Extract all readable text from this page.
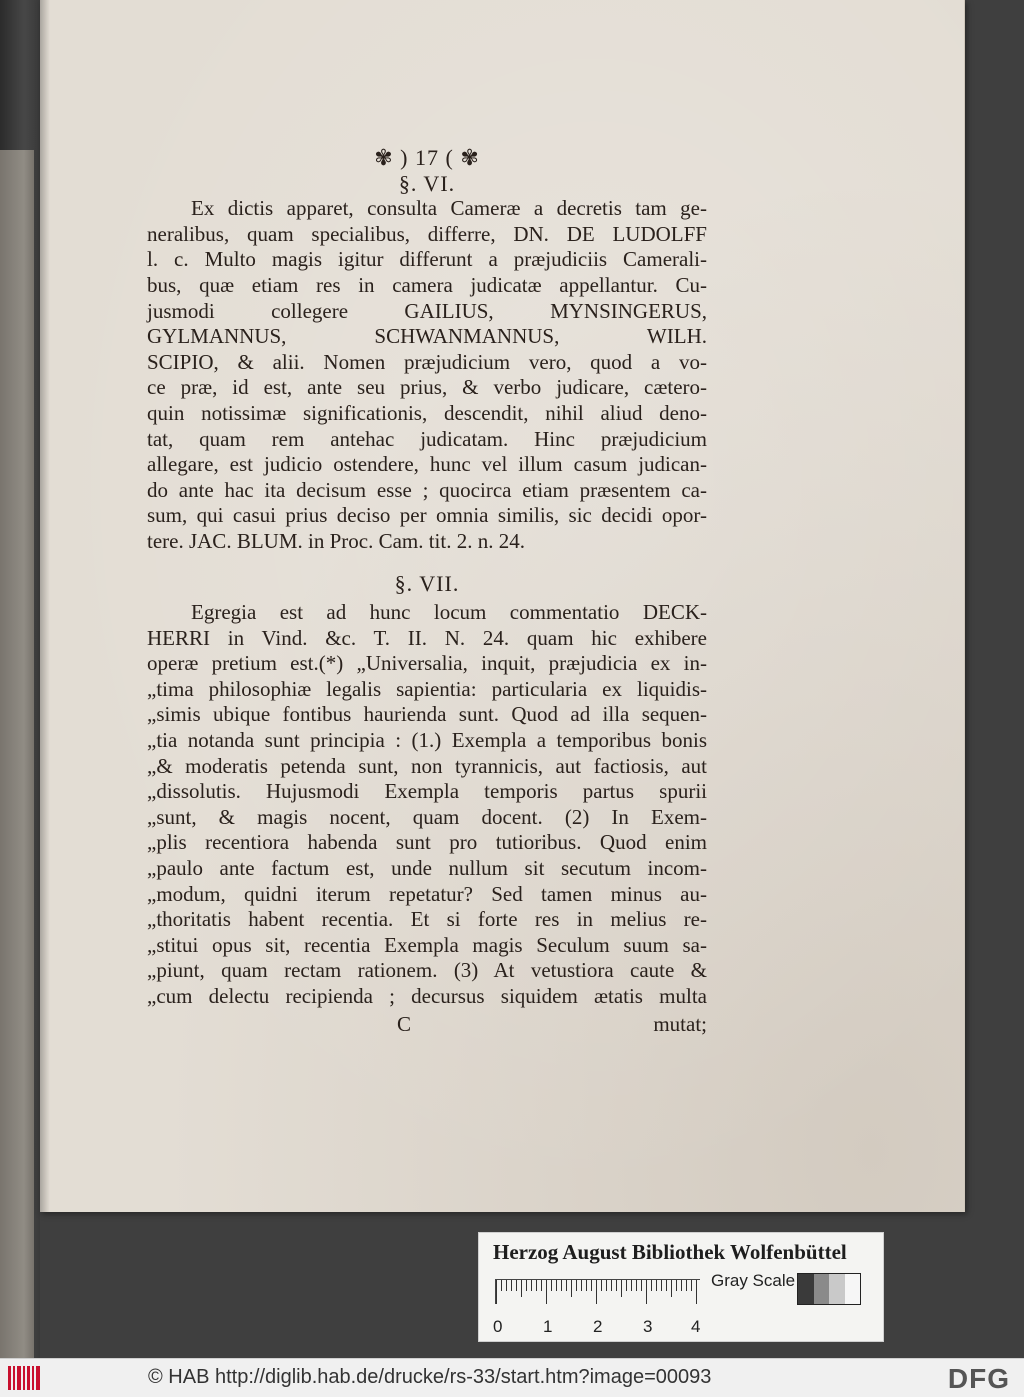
✾ ) 17 ( ✾
§. VI.
Ex dictis apparet, consulta Cameræ a decretis tam ge-
neralibus, quam specialibus, differre, DN. DE LUDOLFF
l. c. Multo magis igitur differunt a præjudiciis Camerali-
bus, quæ etiam res in camera judicatæ appellantur. Cu-
jusmodi collegere GAILIUS, MYNSINGERUS,
GYLMANNUS, SCHWANMANNUS, WILH.
SCIPIO, & alii. Nomen præjudicium vero, quod a vo-
ce præ, id est, ante seu prius, & verbo judicare, cætero-
quin notissimæ significationis, descendit, nihil aliud deno-
tat, quam rem antehac judicatam. Hinc præjudicium
allegare, est judicio ostendere, hunc vel illum casum judican-
do ante hac ita decisum esse ; quocirca etiam præsentem ca-
sum, qui casui prius deciso per omnia similis, sic decidi opor-
tere. JAC. BLUM. in Proc. Cam. tit. 2. n. 24.
§. VII.
Egregia est ad hunc locum commentatio DECK-
HERRI in Vind. &c. T. II. N. 24. quam hic exhibere
operæ pretium est.(*) „Universalia, inquit, præjudicia ex in-
„tima philosophiæ legalis sapientia: particularia ex liquidis-
„simis ubique fontibus haurienda sunt. Quod ad illa sequen-
„tia notanda sunt principia : (1.) Exempla a temporibus bonis
„& moderatis petenda sunt, non tyrannicis, aut factiosis, aut
„dissolutis. Hujusmodi Exempla temporis partus spurii
„sunt, & magis nocent, quam docent. (2) In Exem-
„plis recentiora habenda sunt pro tutioribus. Quod enim
„paulo ante factum est, unde nullum sit secutum incom-
„modum, quidni iterum repetatur? Sed tamen minus au-
„thoritatis habent recentia. Et si forte res in melius re-
„stitui opus sit, recentia Exempla magis Seculum suum sa-
„piunt, quam rectam rationem. (3) At vetustiora caute &
„cum delectu recipienda ; decursus siquidem ætatis multa
C	mutat;
Herzog August Bibliothek Wolfenbüttel
0 1 2 3 4
Gray Scale
© HAB http://diglib.hab.de/drucke/rs-33/start.htm?image=00093	DFG
